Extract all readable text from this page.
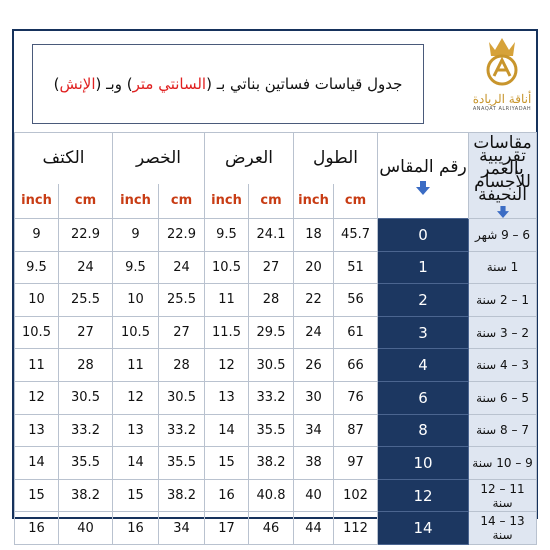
جدول قياسات فساتين بناتي بـ (
السانتي متر
) وبـ (
الإنش
)
أناقة الريادة
ANAQAT ALRIYADAH
الكتف		الخصر		العرض		الطول		رقم المقاس	مقاسات تقريبية بالعمر للأجسام النحيفة

inch	cm	inch	cm	inch	cm	inch	cm		
9	22.9	9	22.9	9.5	24.1	18	45.7	0	6 – 9 شهر
9.5	24	9.5	24	10.5	27	20	51	1	1 سنة
10	25.5	10	25.5	11	28	22	56	2	1 – 2 سنة
10.5	27	10.5	27	11.5	29.5	24	61	3	2 – 3 سنة
11	28	11	28	12	30.5	26	66	4	3 – 4 سنة
12	30.5	12	30.5	13	33.2	30	76	6	5 – 6 سنة
13	33.2	13	33.2	14	35.5	34	87	8	7 – 8 سنة
14	35.5	14	35.5	15	38.2	38	97	10	9 – 10 سنة
15	38.2	15	38.2	16	40.8	40	102	12	11 – 12 سنة
16	40	16	34	17	46	44	112	14	13 – 14 سنة
